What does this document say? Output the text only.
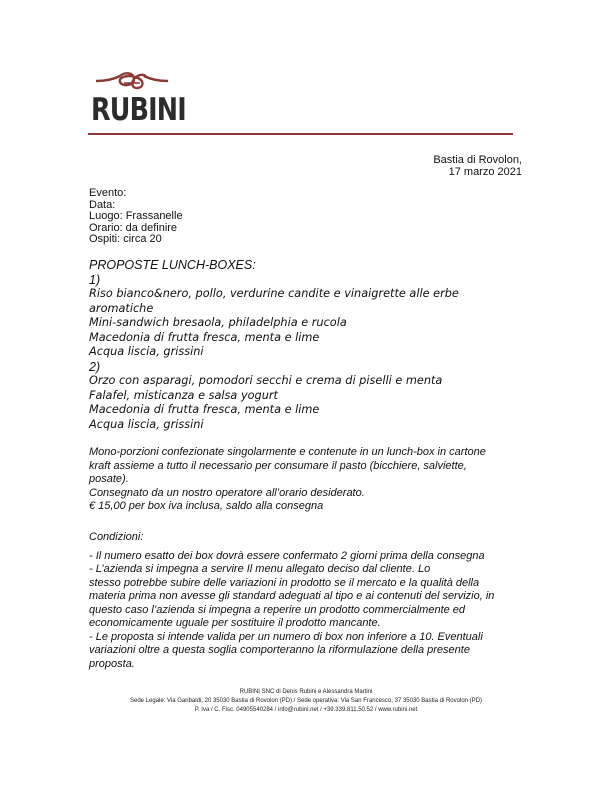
RUBINI
Bastia di Rovolon,
17 marzo 2021
Evento:
Data:
Luogo: Frassanelle
Orario: da definire
Ospiti: circa 20
PROPOSTE LUNCH-BOXES:
1)
Riso bianco&nero, pollo, verdurine candite e vinaigrette alle erbe
aromatiche
Mini-sandwich bresaola, philadelphia e rucola
Macedonia di frutta fresca, menta e lime
Acqua liscia, grissini
2)
Orzo con asparagi, pomodori secchi e crema di piselli e menta
Falafel, misticanza e salsa yogurt
Macedonia di frutta fresca, menta e lime
Acqua liscia, grissini
Mono-porzioni confezionate singolarmente e contenute in un lunch-box in cartone
kraft assieme a tutto il necessario per consumare il pasto (bicchiere, salviette,
posate).
Consegnato da un nostro operatore all’orario desiderato.
€ 15,00 per box iva inclusa, saldo alla consegna
Condizioni:
- Il numero esatto dei box dovrà essere confermato 2 giorni prima della consegna
- L’azienda si impegna a servire Il menu allegato deciso dal cliente. Lo
stesso potrebbe subire delle variazioni in prodotto se il mercato e la qualità della
materia prima non avesse gli standard adeguati al tipo e ai contenuti del servizio, in
questo caso l’azienda si impegna a reperire un prodotto commercialmente ed
economicamente uguale per sostituire il prodotto mancante.
- Le proposta si intende valida per un numero di box non inferiore a 10. Eventuali
variazioni oltre a questa soglia comporteranno la riformulazione della presente
proposta.
RUBINI SNC di Denis Rubini e Alessandra Martini
Sede Legale: Via Garibaldi, 20 35030 Bastia di Rovolon (PD) / Sede operativa: Via San Francesco, 37 35030 Bastia di Rovolon (PD)
P. Iva / C. Fisc. 04905540284 / info@rubini.net / +39.339.811.50.52 / www.rubini.net
